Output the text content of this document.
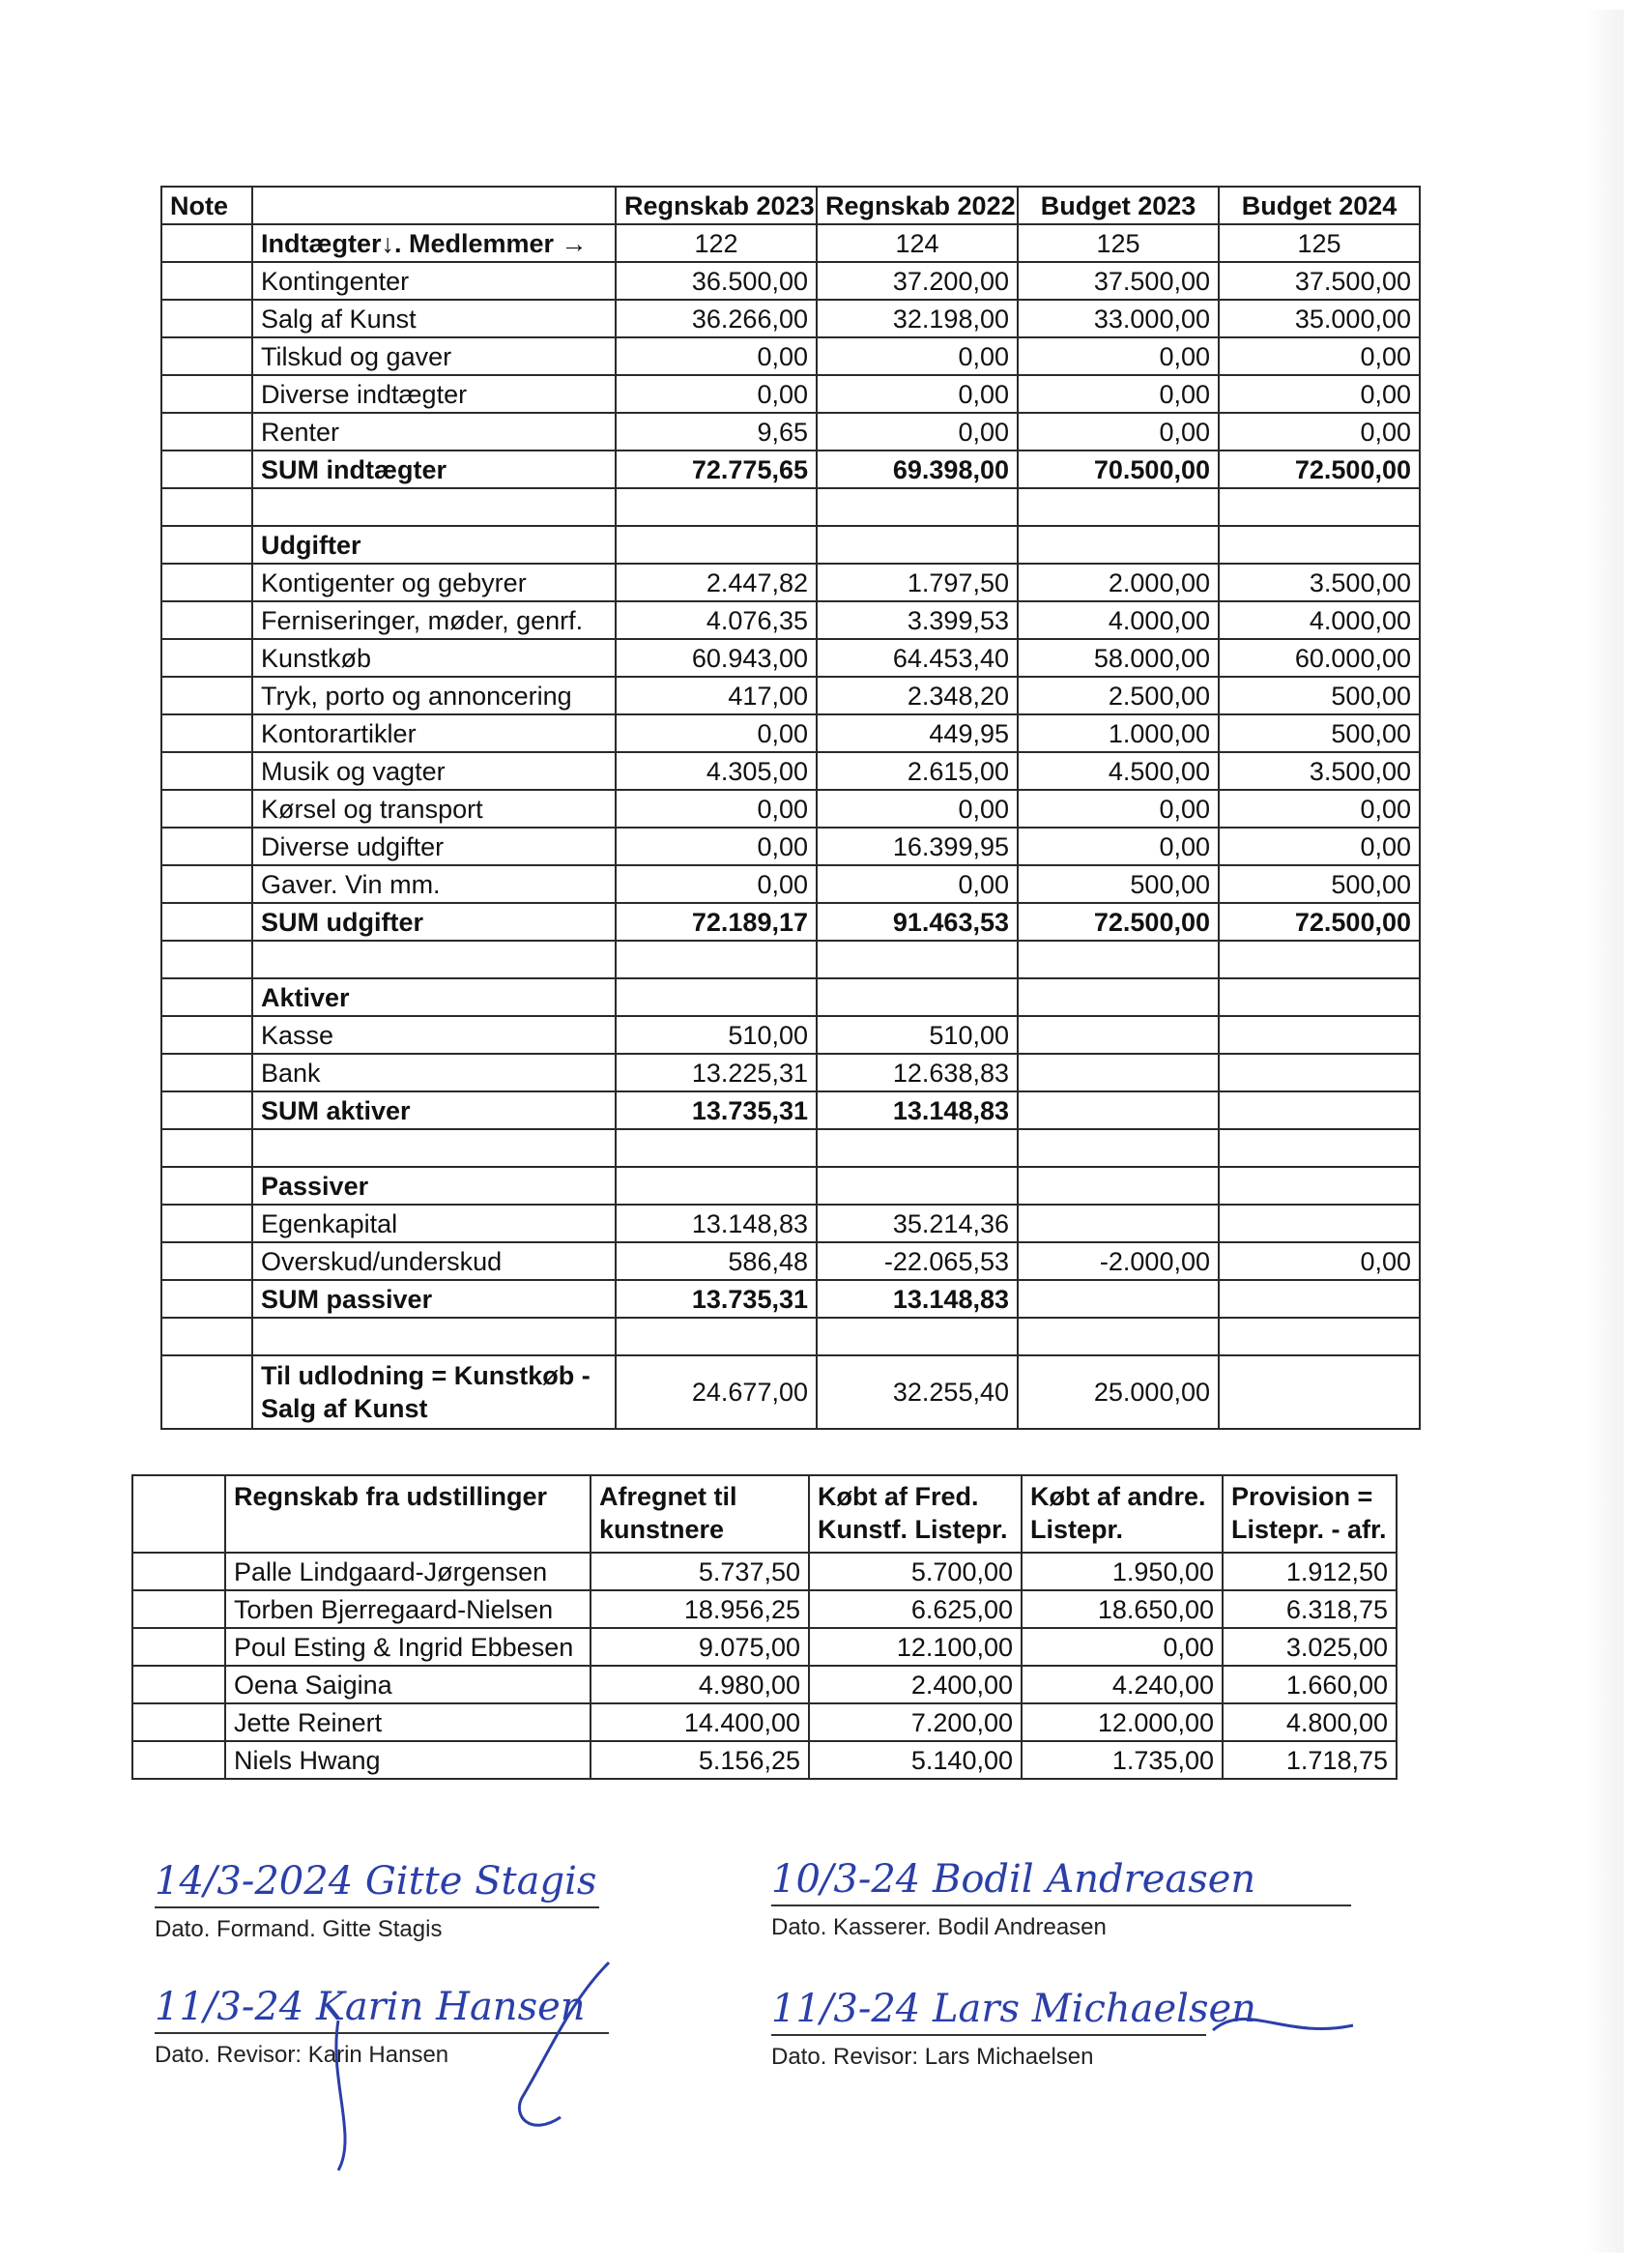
Note		Regnskab 2023	Regnskab 2022	Budget 2023	Budget 2024
	Indtægter↓. Medlemmer →	122	124	125	125
	Kontingenter	36.500,00	37.200,00	37.500,00	37.500,00
	Salg af Kunst	36.266,00	32.198,00	33.000,00	35.000,00
	Tilskud og gaver	0,00	0,00	0,00	0,00
	Diverse indtægter	0,00	0,00	0,00	0,00
	Renter	9,65	0,00	0,00	0,00
	SUM indtægter	72.775,65	69.398,00	70.500,00	72.500,00

	Udgifter				
	Kontigenter og gebyrer	2.447,82	1.797,50	2.000,00	3.500,00
	Ferniseringer, møder, genrf.	4.076,35	3.399,53	4.000,00	4.000,00
	Kunstkøb	60.943,00	64.453,40	58.000,00	60.000,00
	Tryk, porto og annoncering	417,00	2.348,20	2.500,00	500,00
	Kontorartikler	0,00	449,95	1.000,00	500,00
	Musik og vagter	4.305,00	2.615,00	4.500,00	3.500,00
	Kørsel og transport	0,00	0,00	0,00	0,00
	Diverse udgifter	0,00	16.399,95	0,00	0,00
	Gaver. Vin mm.	0,00	0,00	500,00	500,00
	SUM udgifter	72.189,17	91.463,53	72.500,00	72.500,00

	Aktiver				
	Kasse	510,00	510,00		
	Bank	13.225,31	12.638,83		
	SUM aktiver	13.735,31	13.148,83		

	Passiver				
	Egenkapital	13.148,83	35.214,36		
	Overskud/underskud	586,48	-22.065,53	-2.000,00	0,00
	SUM passiver	13.735,31	13.148,83		

	Til udlodning = Kunstkøb - Salg af Kunst	24.677,00	32.255,40	25.000,00	
	Regnskab fra udstillinger	Afregnet til kunstnere	Købt af Fred. Kunstf. Listepr.	Købt af andre. Listepr.	Provision = Listepr. - afr.
	Palle Lindgaard-Jørgensen	5.737,50	5.700,00	1.950,00	1.912,50
	Torben Bjerregaard-Nielsen	18.956,25	6.625,00	18.650,00	6.318,75
	Poul Esting & Ingrid Ebbesen	9.075,00	12.100,00	0,00	3.025,00
	Oena Saigina	4.980,00	2.400,00	4.240,00	1.660,00
	Jette Reinert	14.400,00	7.200,00	12.000,00	4.800,00
	Niels Hwang	5.156,25	5.140,00	1.735,00	1.718,75
14/3-2024 Gitte Stagis
Dato. Formand. Gitte Stagis
10/3-24 Bodil Andreasen
Dato. Kasserer. Bodil Andreasen
11/3-24 Karin Hansen
Dato. Revisor: Karin Hansen
11/3-24 Lars Michaelsen
Dato. Revisor: Lars Michaelsen
